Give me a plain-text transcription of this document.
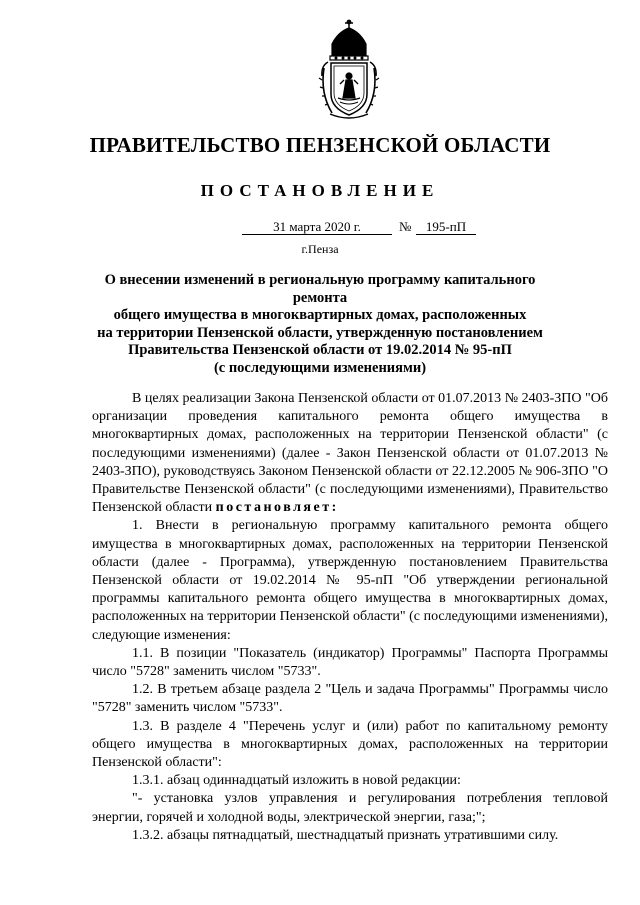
ПРАВИТЕЛЬСТВО ПЕНЗЕНСКОЙ ОБЛАСТИ
ПОСТАНОВЛЕНИЕ
31 марта 2020 г.	№	195-пП
г.Пенза
О внесении изменений в региональную программу капитального ремонта
общего имущества в многоквартирных домах, расположенных
на территории Пензенской области, утвержденную постановлением
Правительства Пензенской области от 19.02.2014 № 95-пП
(с последующими изменениями)

В целях реализации Закона Пензенской области от 01.07.2013 № 2403-ЗПО "Об организации проведения капитального ремонта общего имущества в многоквартирных домах, расположенных на территории Пензенской области" (с последующими изменениями) (далее - Закон Пензенской области от 01.07.2013 № 2403-ЗПО), руководствуясь Законом Пензенской области от 22.12.2005 № 906-ЗПО "О Правительстве Пензенской области" (с последующими изменениями), Правительство Пензенской области постановляет:

1. Внести в региональную программу капитального ремонта общего имущества в многоквартирных домах, расположенных на территории Пензенской области (далее - Программа), утвержденную постановлением Правительства Пензенской области от 19.02.2014 № 95-пП "Об утверждении региональной программы капитального ремонта общего имущества в многоквартирных домах, расположенных на территории Пензенской области" (с последующими изменениями), следующие изменения:

1.1. В позиции "Показатель (индикатор) Программы" Паспорта Программы число "5728" заменить числом "5733".

1.2. В третьем абзаце раздела 2 "Цель и задача Программы" Программы число "5728" заменить числом "5733".

1.3. В разделе 4 "Перечень услуг и (или) работ по капитальному ремонту общего имущества в многоквартирных домах, расположенных на территории Пензенской области":

1.3.1. абзац одиннадцатый изложить в новой редакции:

"- установка узлов управления и регулирования потребления тепловой энергии, горячей и холодной воды, электрической энергии, газа;";

1.3.2. абзацы пятнадцатый, шестнадцатый признать утратившими силу.
